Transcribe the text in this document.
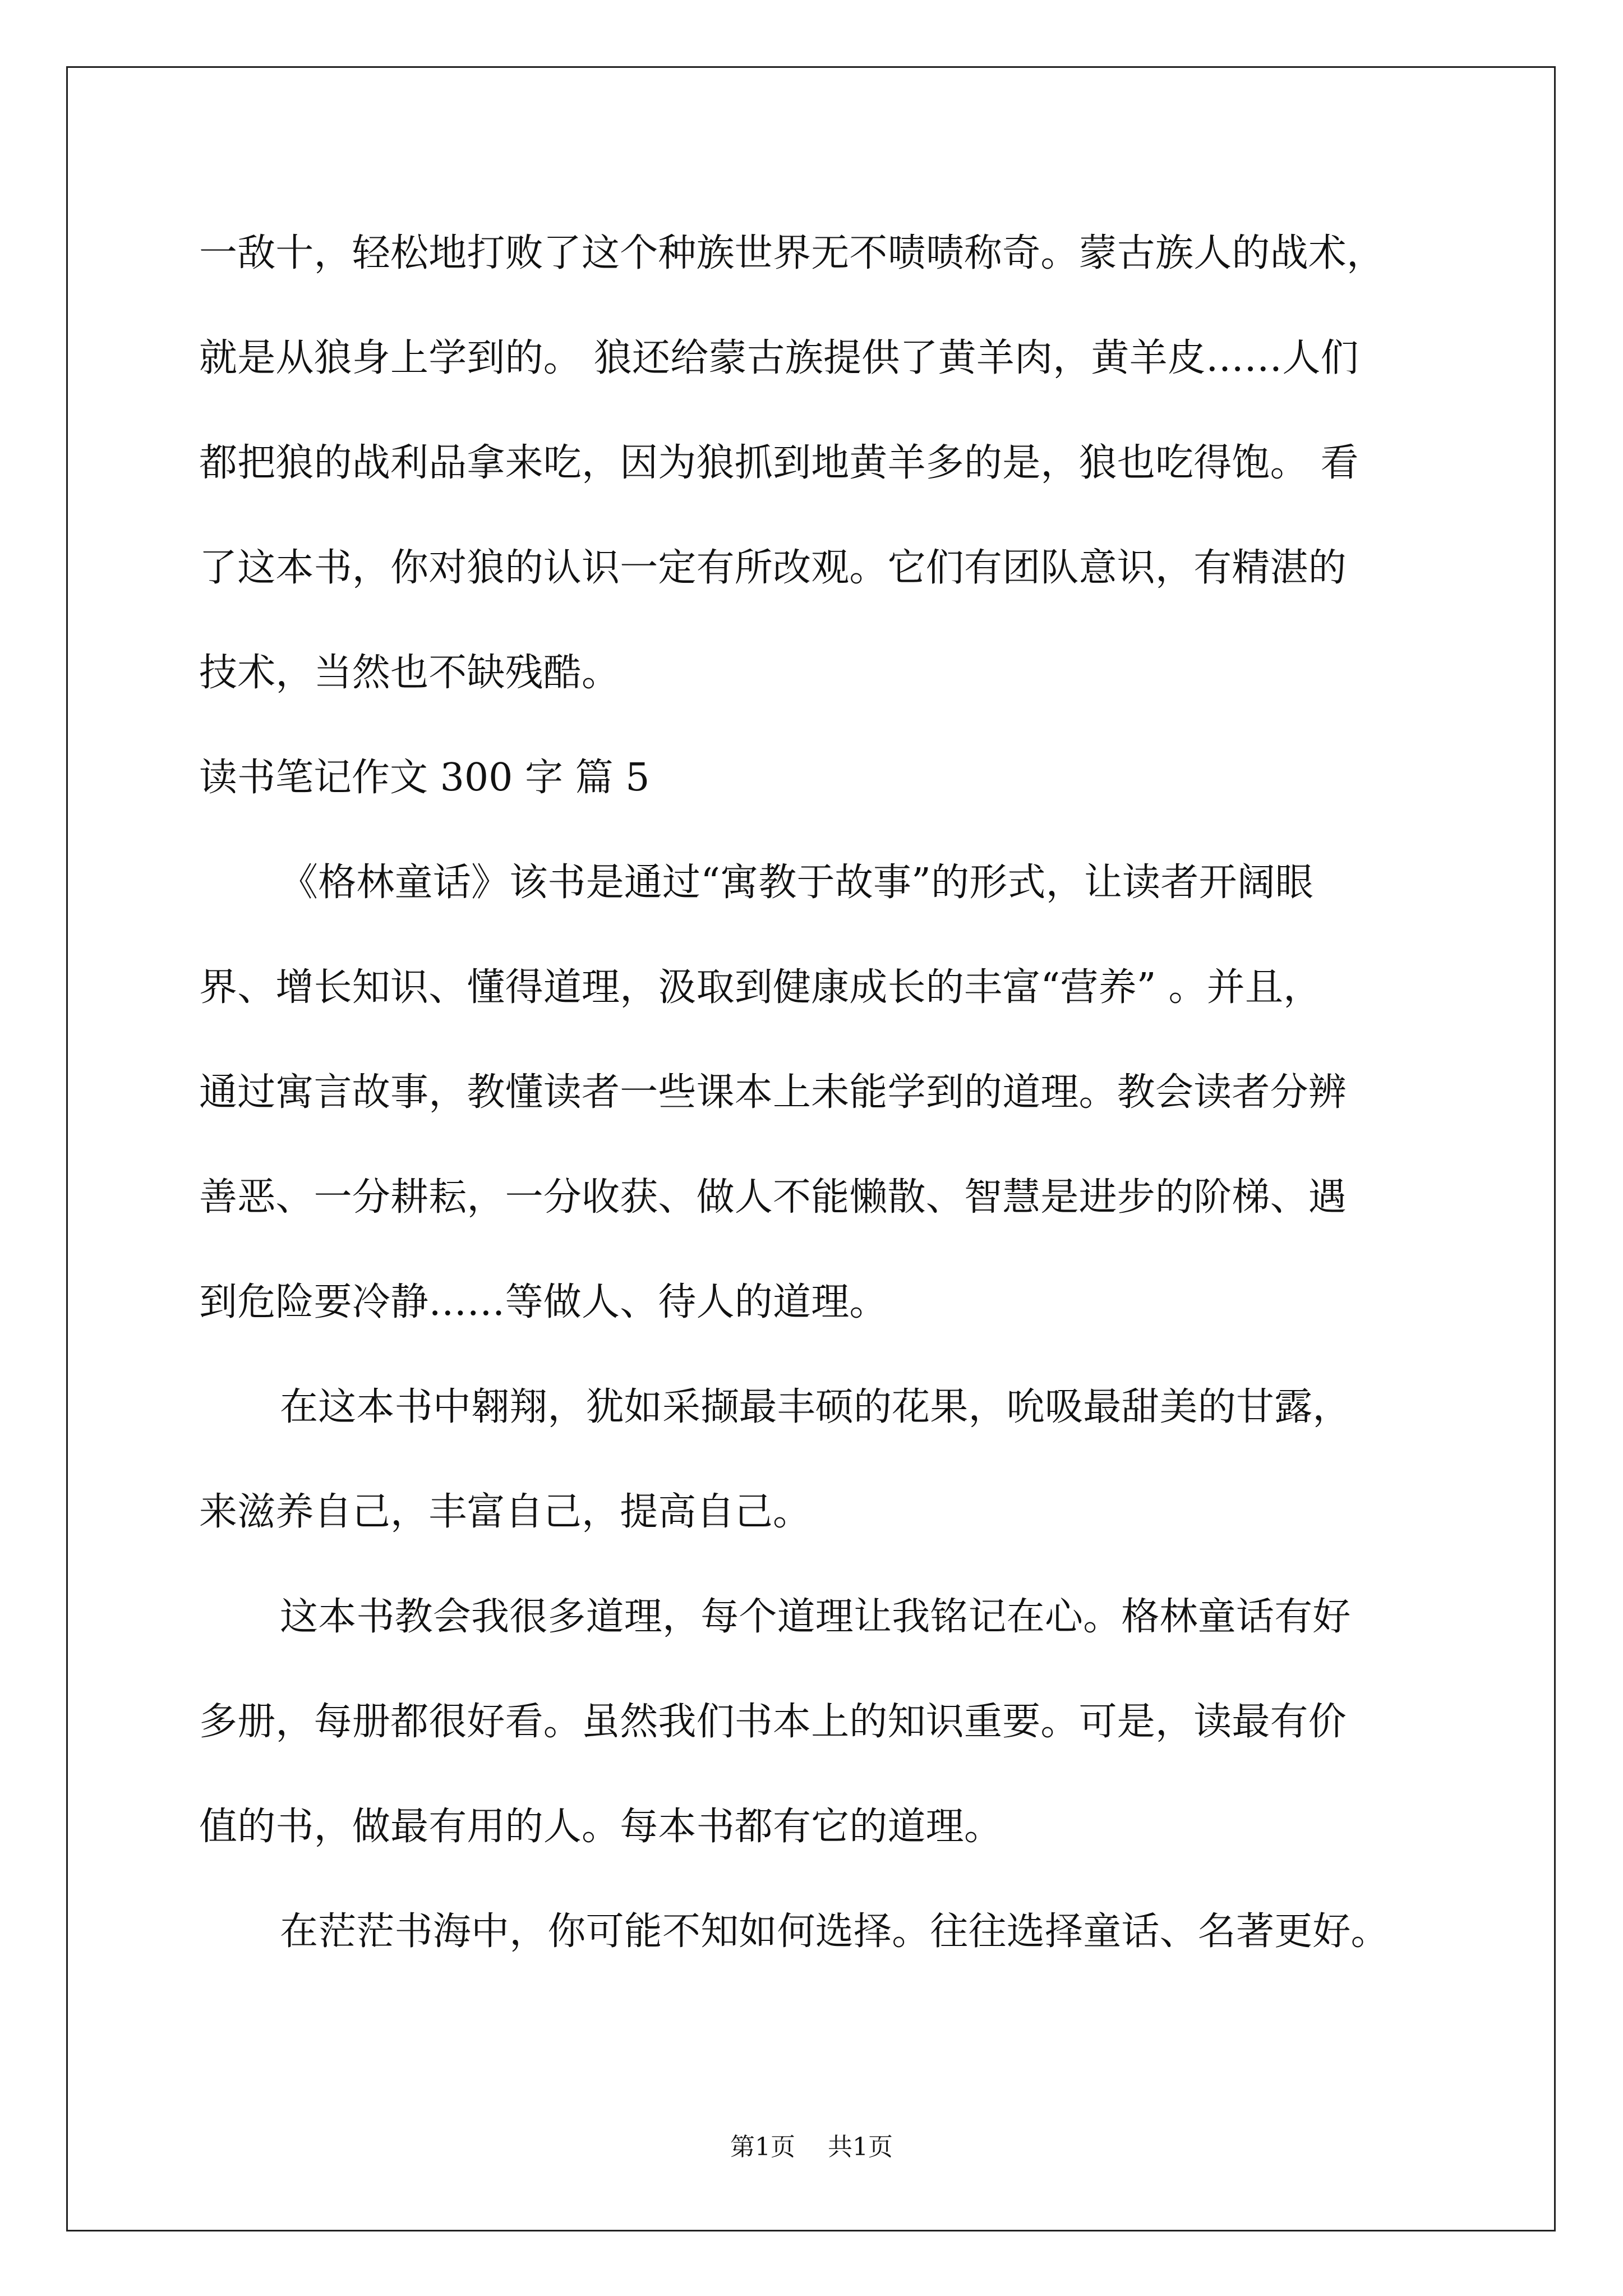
一敌十，轻松地打败了这个种族世界无不啧啧称奇。蒙古族人的战术，
就是从狼身上学到的。 狼还给蒙古族提供了黄羊肉，黄羊皮……人们
都把狼的战利品拿来吃，因为狼抓到地黄羊多的是，狼也吃得饱。 看
了这本书，你对狼的认识一定有所改观。它们有团队意识，有精湛的
技术，当然也不缺残酷。
读书笔记作文 300 字 篇 5
《格林童话》该书是通过“寓教于故事”的形式，让读者开阔眼
界、增长知识、懂得道理，汲取到健康成长的丰富“营养” 。并且，
通过寓言故事，教懂读者一些课本上未能学到的道理。教会读者分辨
善恶、一分耕耘，一分收获、做人不能懒散、智慧是进步的阶梯、遇
到危险要冷静……等做人、待人的道理。
在这本书中翱翔，犹如采撷最丰硕的花果，吮吸最甜美的甘露，
来滋养自己，丰富自己，提高自己。
这本书教会我很多道理，每个道理让我铭记在心。格林童话有好
多册，每册都很好看。虽然我们书本上的知识重要。可是，读最有价
值的书，做最有用的人。每本书都有它的道理。
在茫茫书海中，你可能不知如何选择。往往选择童话、名著更好。
第1页 共1页
